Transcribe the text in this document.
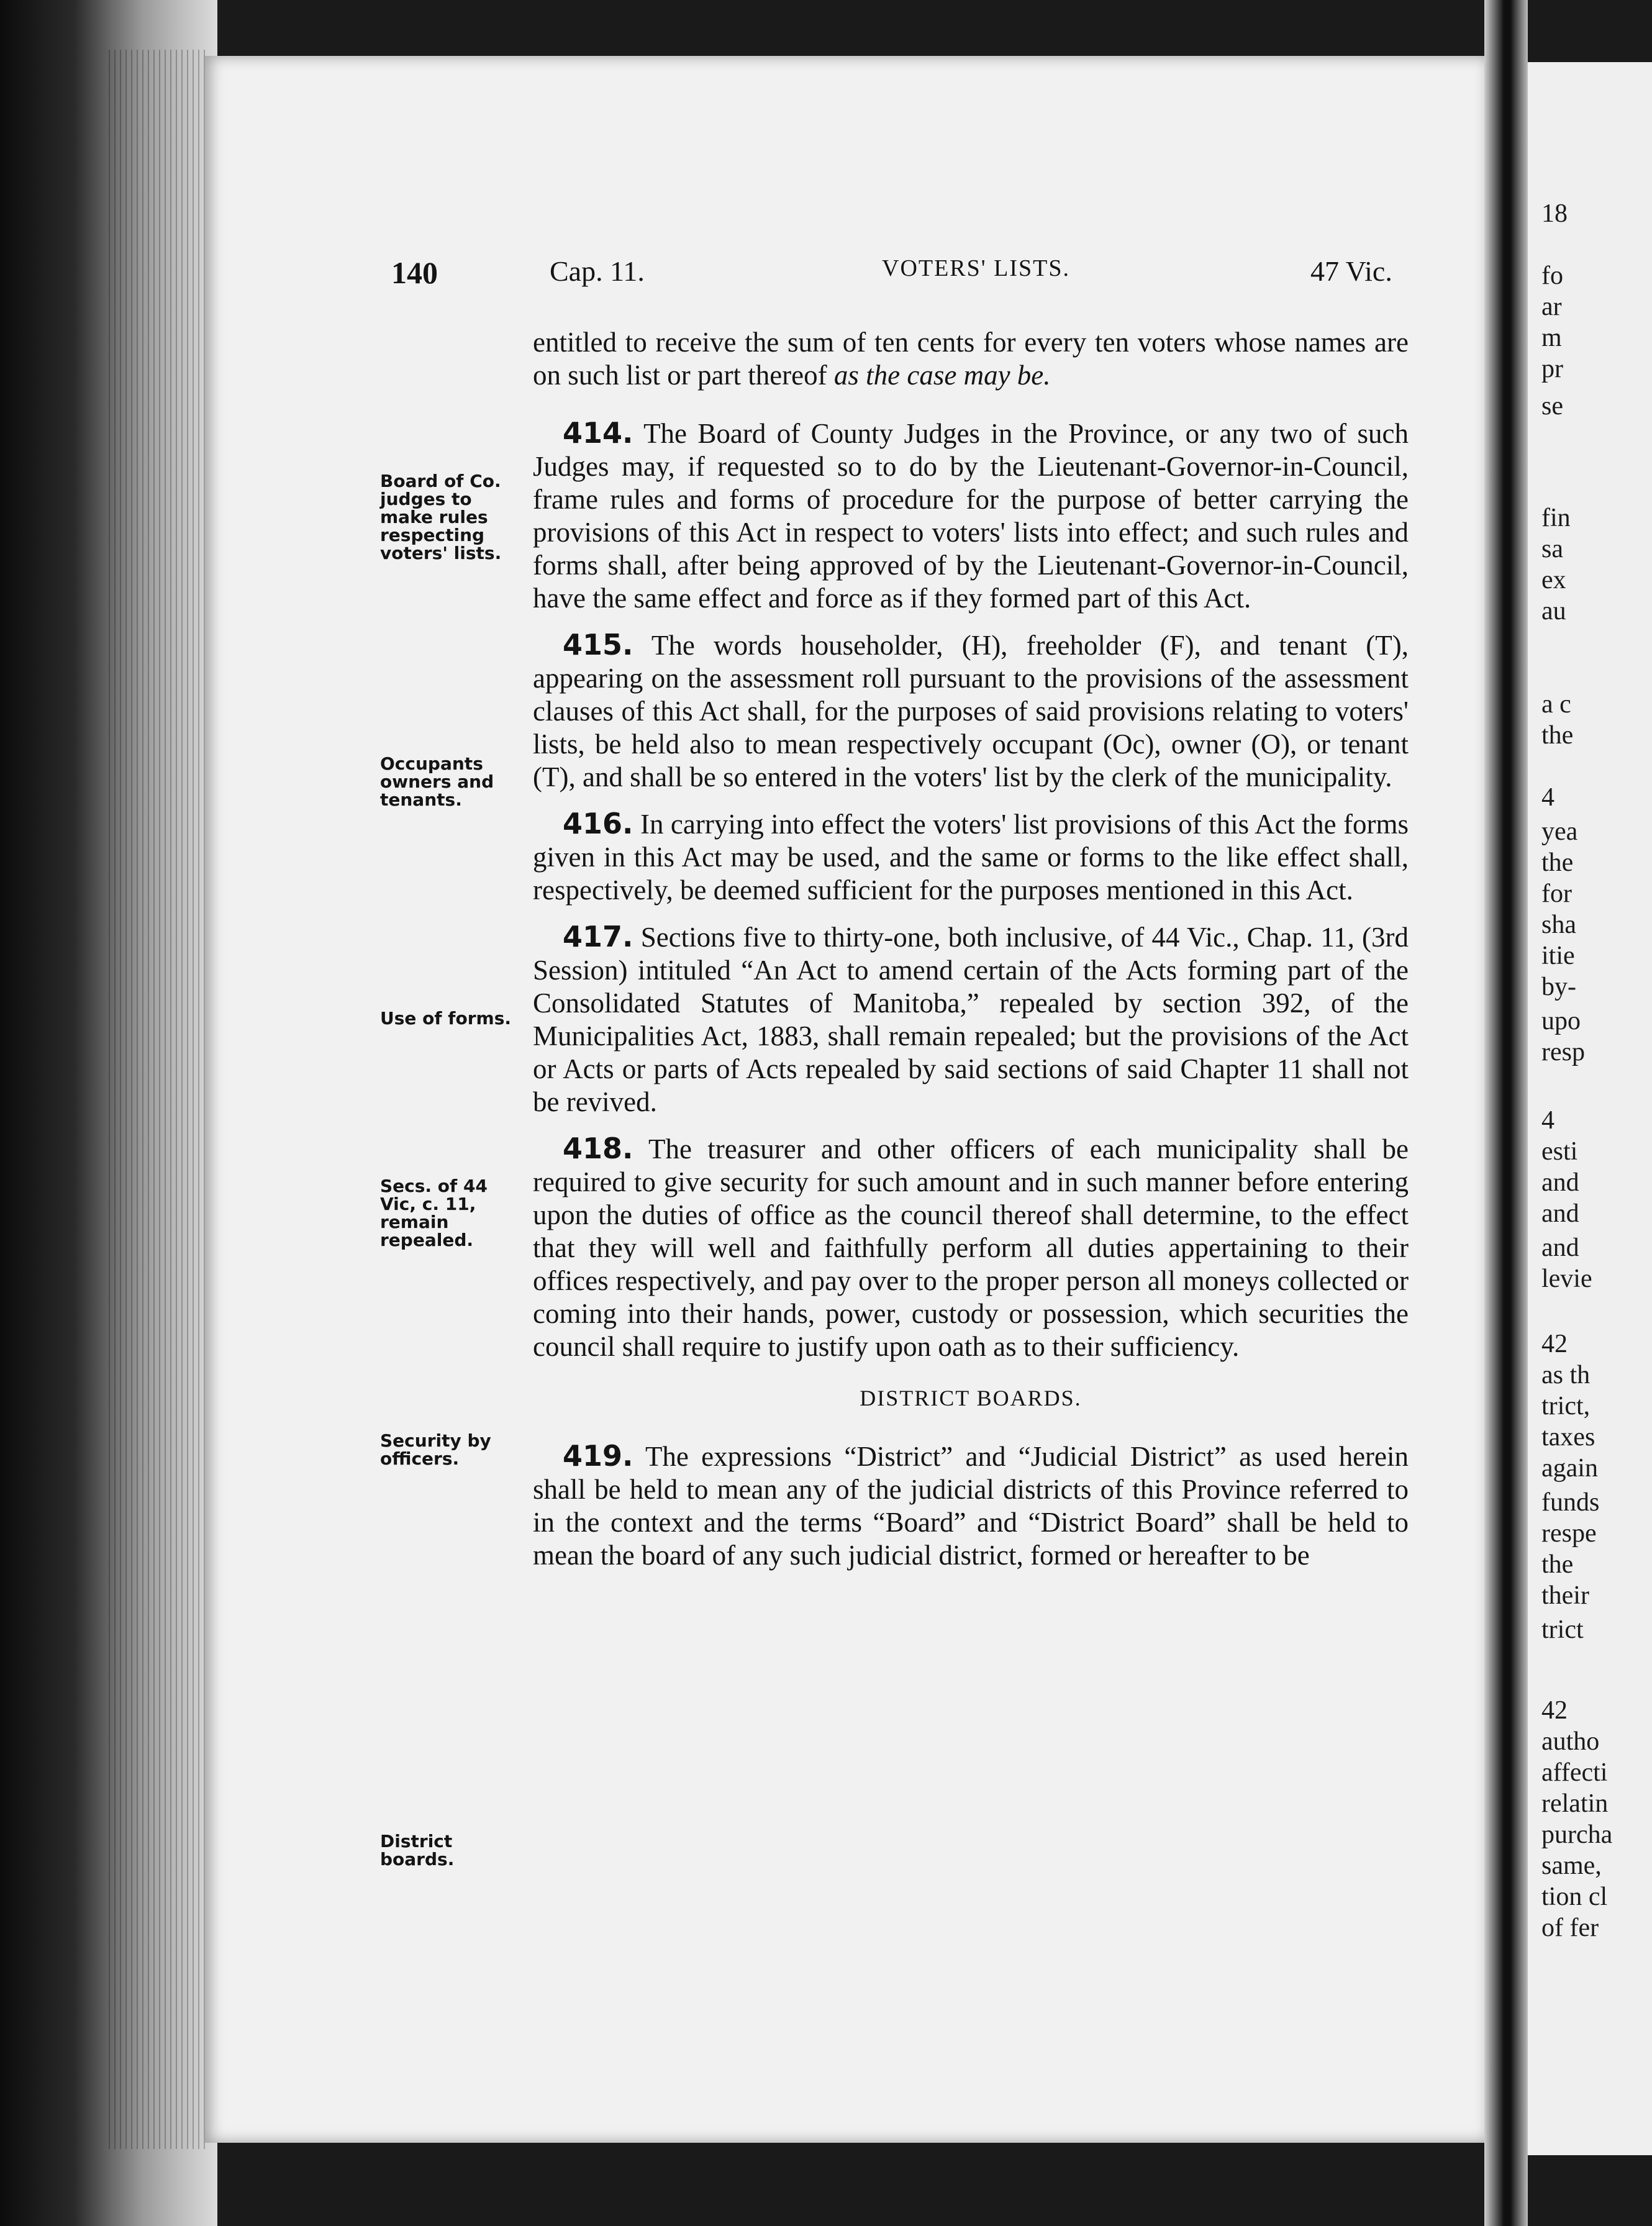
18
fo
ar
m
pr
se
fin
sa
ex
au
a c
the
4
yea
the
for
sha
itie
by-
upo
resp
4
esti
and
and
and
levie
42
as th
trict,
taxes
again
funds
respe
the
their
trict
42
autho
affecti
relatin
purcha
same,
tion cl
of fer
140	Cap. 11.	VOTERS' LISTS.	47 Vic.
Board of Co.
judges to
make rules
respecting
voters' lists.
Occupants
owners and
tenants.
Use of forms.
Secs. of 44
Vic, c. 11,
remain
repealed.
Security by
officers.
District
boards.

entitled to receive the sum of ten cents for every ten voters whose names are on such list or part thereof as the case may be.

414. The Board of County Judges in the Province, or any two of such Judges may, if requested so to do by the Lieutenant-Governor-in-Council, frame rules and forms of procedure for the purpose of better carrying the provisions of this Act in respect to voters' lists into effect; and such rules and forms shall, after being approved of by the Lieutenant-Governor-in-Council, have the same effect and force as if they formed part of this Act.

415. The words householder, (H), freeholder (F), and tenant (T), appearing on the assessment roll pursuant to the provisions of the assessment clauses of this Act shall, for the purposes of said provisions relating to voters' lists, be held also to mean respectively occupant (Oc), owner (O), or tenant (T), and shall be so entered in the voters' list by the clerk of the municipality.

416. In carrying into effect the voters' list provisions of this Act the forms given in this Act may be used, and the same or forms to the like effect shall, respectively, be deemed sufficient for the purposes mentioned in this Act.

417. Sections five to thirty-one, both inclusive, of 44 Vic., Chap. 11, (3rd Session) intituled “An Act to amend certain of the Acts forming part of the Consolidated Statutes of Manitoba,” repealed by section 392, of the Municipalities Act, 1883, shall remain repealed; but the provisions of the Act or Acts or parts of Acts repealed by said sections of said Chapter 11 shall not be revived.

418. The treasurer and other officers of each municipality shall be required to give security for such amount and in such manner before entering upon the duties of office as the council thereof shall determine, to the effect that they will well and faithfully perform all duties appertaining to their offices respectively, and pay over to the proper person all moneys collected or coming into their hands, power, custody or possession, which securities the council shall require to justify upon oath as to their sufficiency.

DISTRICT BOARDS.

419. The expressions “District” and “Judicial District” as used herein shall be held to mean any of the judicial districts of this Province referred to in the context and the terms “Board” and “District Board” shall be held to mean the board of any such judicial district, formed or hereafter to be
